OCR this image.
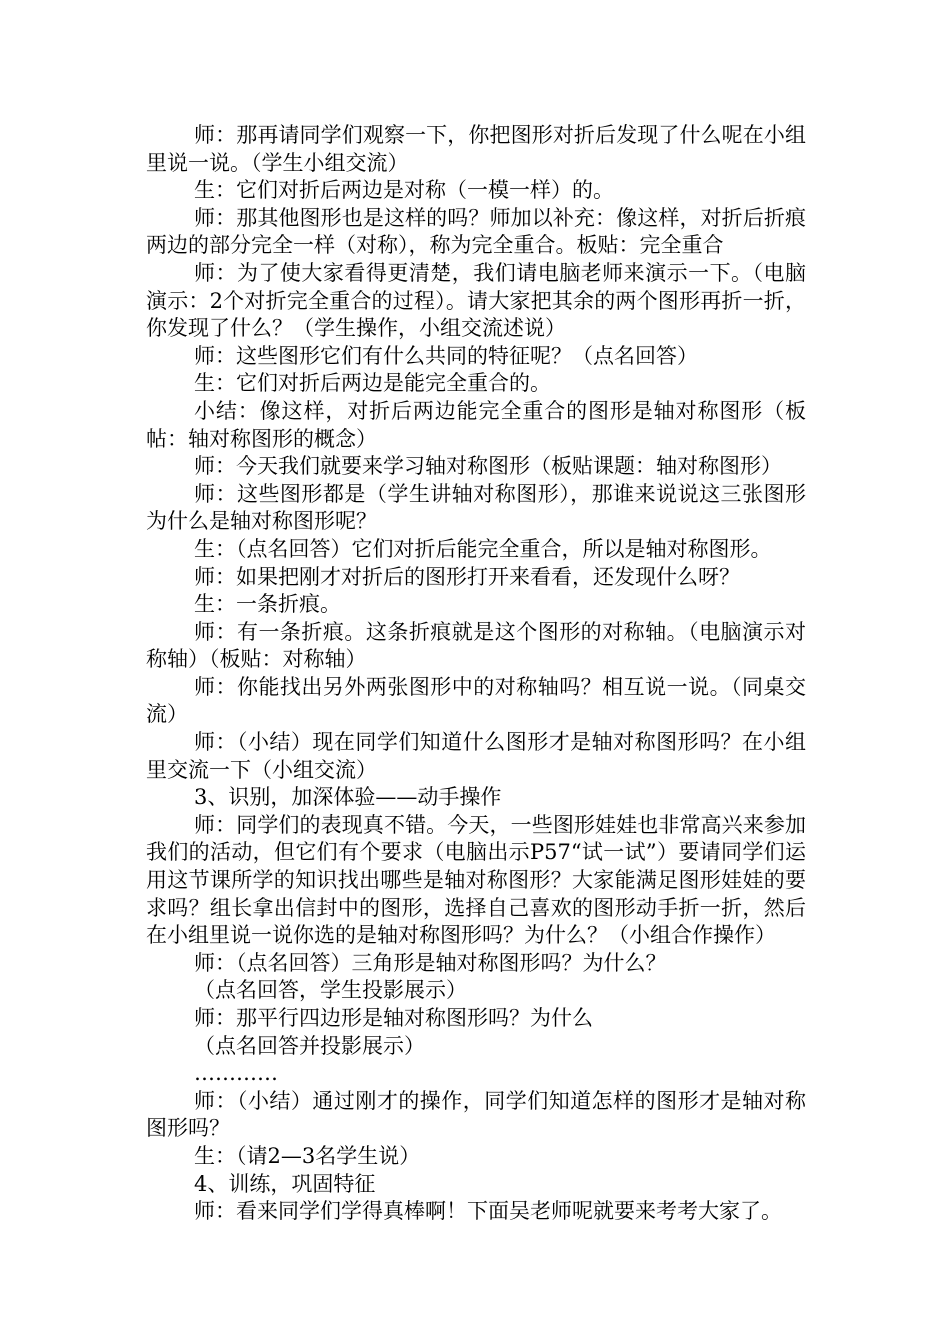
师：那再请同学们观察一下，你把图形对折后发现了什么呢在小组里说一说。（学生小组交流）

生：它们对折后两边是对称（一模一样）的。

师：那其他图形也是这样的吗？师加以补充：像这样，对折后折痕两边的部分完全一样（对称），称为完全重合。板贴：完全重合

师：为了使大家看得更清楚，我们请电脑老师来演示一下。（电脑演示：2个对折完全重合的过程）。请大家把其余的两个图形再折一折，你发现了什么？（学生操作，小组交流述说）

师：这些图形它们有什么共同的特征呢？（点名回答）

生：它们对折后两边是能完全重合的。

小结：像这样，对折后两边能完全重合的图形是轴对称图形（板帖：轴对称图形的概念）

师：今天我们就要来学习轴对称图形（板贴课题：轴对称图形）

师：这些图形都是（学生讲轴对称图形），那谁来说说这三张图形为什么是轴对称图形呢？

生：（点名回答）它们对折后能完全重合，所以是轴对称图形。

师：如果把刚才对折后的图形打开来看看，还发现什么呀？

生：一条折痕。

师：有一条折痕。这条折痕就是这个图形的对称轴。（电脑演示对称轴）（板贴：对称轴）

师：你能找出另外两张图形中的对称轴吗？相互说一说。（同桌交流）

师：（小结）现在同学们知道什么图形才是轴对称图形吗？在小组里交流一下（小组交流）

3、识别，加深体验——动手操作

师：同学们的表现真不错。今天，一些图形娃娃也非常高兴来参加我们的活动，但它们有个要求（电脑出示P57“试一试”）要请同学们运用这节课所学的知识找出哪些是轴对称图形？大家能满足图形娃娃的要求吗？组长拿出信封中的图形，选择自己喜欢的图形动手折一折，然后在小组里说一说你选的是轴对称图形吗？为什么？（小组合作操作）

师：（点名回答）三角形是轴对称图形吗？为什么？

（点名回答，学生投影展示）

师：那平行四边形是轴对称图形吗？为什么

（点名回答并投影展示）

…………

师：（小结）通过刚才的操作，同学们知道怎样的图形才是轴对称图形吗？

生：（请2—3名学生说）

4、训练，巩固特征

师：看来同学们学得真棒啊！下面吴老师呢就要来考考大家了。
